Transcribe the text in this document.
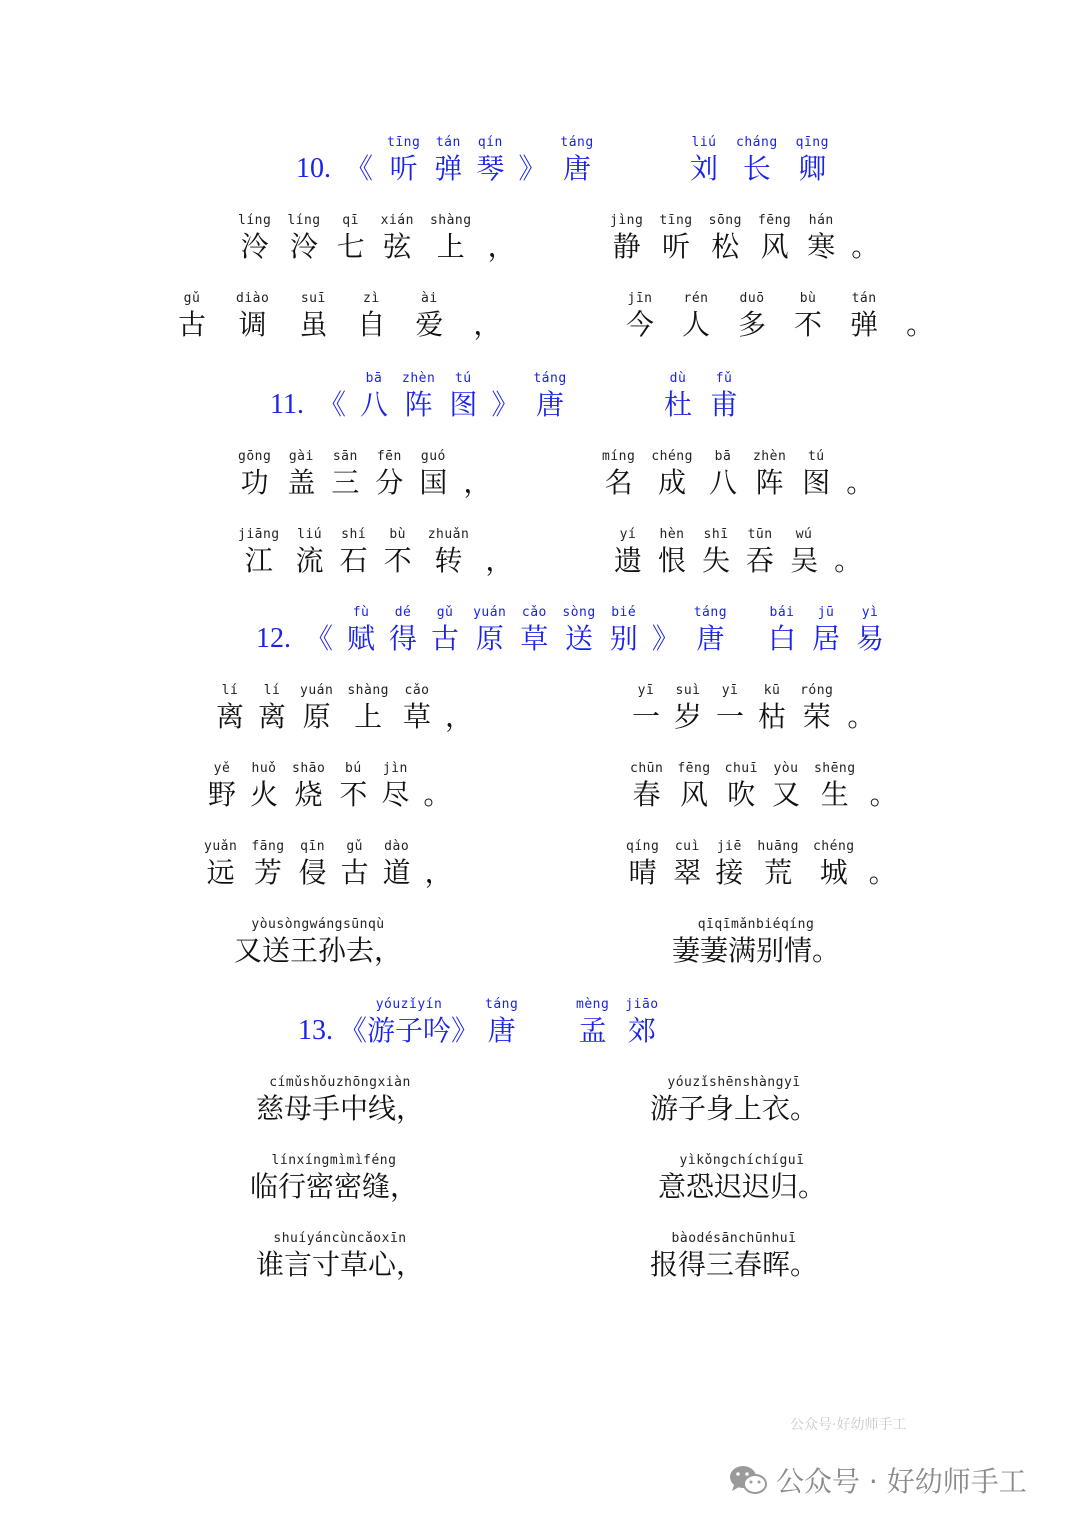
10. 《
tīng
听
tán
弹
qín
琴 》
táng
唐
liú
刘
cháng
长
qīng
卿
líng
泠
líng
泠
qī
七
xián
弦
shàng
上 ，
jìng
静
tīng
听
sōng
松
fēng
风
hán
寒 。
gǔ
古
diào
调
suī
虽
zì
自
ài
爱 ，
jīn
今
rén
人
duō
多
bù
不
tán
弹 。
11. 《
bā
八
zhèn
阵
tú
图 》
táng
唐
dù
杜
fǔ
甫
gōng
功
gài
盖
sān
三
fēn
分
guó
国 ，
míng
名
chéng
成
bā
八
zhèn
阵
tú
图 。
jiāng
江
liú
流
shí
石
bù
不
zhuǎn
转 ，
yí
遗
hèn
恨
shī
失
tūn
吞
wú
吴 。
12. 《
fù
赋
dé
得
gǔ
古
yuán
原
cǎo
草
sòng
送
bié
别 》
táng
唐
bái
白
jū
居
yì
易
lí
离
lí
离
yuán
原
shàng
上
cǎo
草 ，
yī
一
suì
岁
yī
一
kū
枯
róng
荣 。
yě
野
huǒ
火
shāo
烧
bú
不
jìn
尽 。
chūn
春
fēng
风
chuī
吹
yòu
又
shēng
生 。
yuǎn
远
fāng
芳
qīn
侵
gǔ
古
dào
道 ，
qíng
晴
cuì
翠
jiē
接
huāng
荒
chéng
城 。
yòusòngwángsūnqù
又送王孙去，
qīqīmǎnbiéqíng
萋萋满别情。
13.
yóuzǐyín
《游子吟》
táng
唐
mèng
孟
jiāo
郊
címǔshǒuzhōngxiàn
慈母手中线，
yóuzǐshēnshàngyī
游子身上衣。
línxíngmìmìféng
临行密密缝，
yìkǒngchíchíguī
意恐迟迟归。
shuíyáncùncǎoxīn
谁言寸草心，
bàodésānchūnhuī
报得三春晖。
公众号·好幼师手工
公众号 · 好幼师手工
